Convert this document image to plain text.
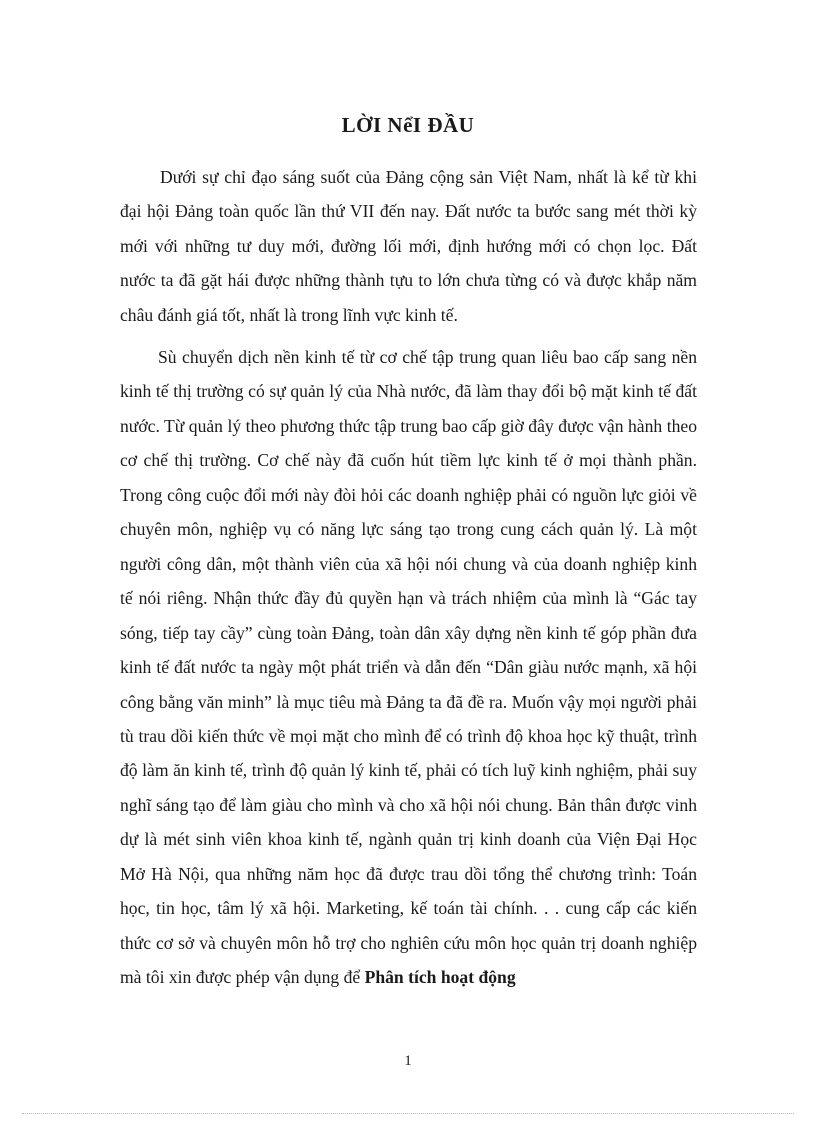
LỜI NểI ĐẦU

Dưới sự chỉ đạo sáng suốt của Đảng cộng sản Việt Nam, nhất là kể từ khi đại hội Đảng toàn quốc lần thứ VII đến nay. Đất nước ta bước sang mét thời kỳ mới với những tư duy mới, đường lối mới, định hướng mới có chọn lọc. Đất nước ta đã gặt hái được những thành tựu to lớn chưa từng có và được khắp năm châu đánh giá tốt, nhất là trong lĩnh vực kinh tế.

Sù chuyển dịch nền kinh tế từ cơ chế tập trung quan liêu bao cấp sang nền kinh tế thị trường có sự quản lý của Nhà nước, đã làm thay đổi bộ mặt kinh tế đất nước. Từ quản lý theo phương thức tập trung bao cấp giờ đây được vận hành theo cơ chế thị trường. Cơ chế này đã cuốn hút tiềm lực kinh tế ở mọi thành phần. Trong công cuộc đổi mới này đòi hỏi các doanh nghiệp phải có nguồn lực giỏi về chuyên môn, nghiệp vụ có năng lực sáng tạo trong cung cách quản lý. Là một người công dân, một thành viên của xã hội nói chung và của doanh nghiệp kinh tế nói riêng. Nhận thức đầy đủ quyền hạn và trách nhiệm của mình là “Gác tay sóng, tiếp tay cầy” cùng toàn Đảng, toàn dân xây dựng nền kinh tế góp phần đưa kinh tế đất nước ta ngày một phát triển và dẫn đến “Dân giàu nước mạnh, xã hội công bằng văn minh” là mục tiêu mà Đảng ta đã đề ra. Muốn vậy mọi người phải tù trau dồi kiến thức về mọi mặt cho mình để có trình độ khoa học kỹ thuật, trình độ làm ăn kinh tế, trình độ quản lý kinh tế, phải có tích luỹ kinh nghiệm, phải suy nghĩ sáng tạo để làm giàu cho mình và cho xã hội nói chung. Bản thân được vinh dự là mét sinh viên khoa kinh tế, ngành quản trị kinh doanh của Viện Đại Học Mở Hà Nội, qua những năm học đã được trau dồi tổng thể chương trình: Toán học, tin học, tâm lý xã hội. Marketing, kế toán tài chính. . . cung cấp các kiến thức cơ sở và chuyên môn hỗ trợ cho nghiên cứu môn học quản trị doanh nghiệp mà tôi xin được phép vận dụng để Phân tích hoạt động

1
